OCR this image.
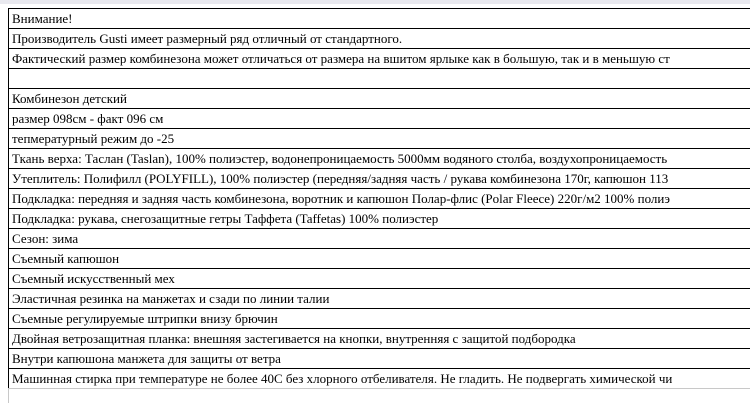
Внимание!
Производитель Gusti имеет размерный ряд отличный от стандартного.
Фактический размер комбинезона может отличаться от размера на вшитом ярлыке как в большую, так и в меньшую ст

Комбинезон детский
размер 098см - факт 096 см
тепмературный режим до -25
Ткань верха: Таслан (Taslan), 100% полиэстер, водонепроницаемость 5000мм водяного столба, воздухопроницаемость
Утеплитель: Полифилл (POLYFILL), 100% полиэстер (передняя/задняя часть / рукава комбинезона 170г, капюшон 113
Подкладка: передняя и задняя часть комбинезона, воротник и капюшон Полар-флис (Polar Fleece) 220г/м2 100% полиэ
Подкладка: рукава, снегозащитные гетры Таффета (Taffetas) 100% полиэстер
Сезон: зима
Съемный капюшон
Съемный искусственный мех
Эластичная резинка на манжетах и сзади по линии талии
Съемные регулируемые штрипки внизу брючин
Двойная ветрозащитная планка: внешняя застегивается на кнопки, внутренняя с защитой подбородка
Внутри капюшона манжета для защиты от ветра
Машинная стирка при температуре не более 40С без хлорного отбеливателя. Не гладить. Не подвергать химической чи
